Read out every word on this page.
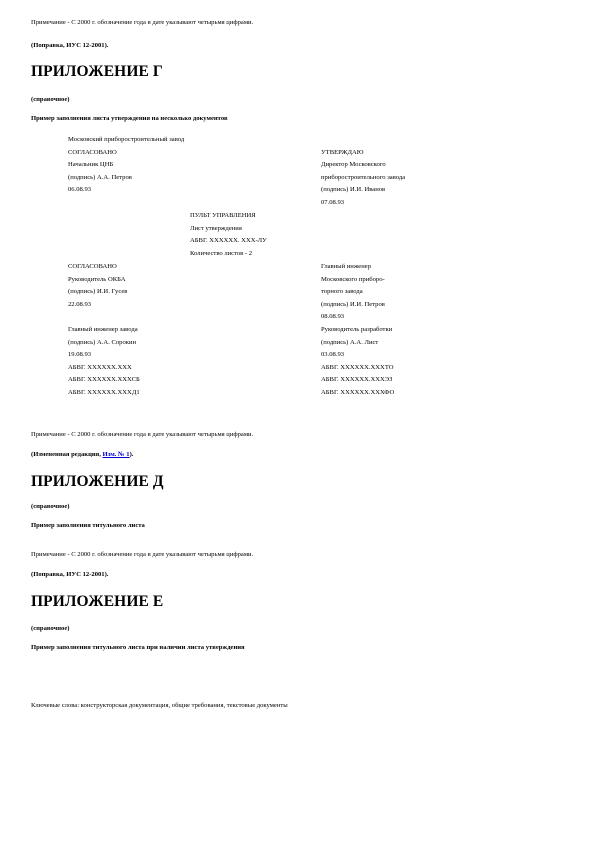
Примечание - С 2000 г. обозначение года в дате указывают четырьмя цифрами.
(Поправка, ИУС 12-2001).
ПРИЛОЖЕНИЕ Г
(справочное)
Пример заполнения листа утверждения на несколько документов
Московский приборостроительный завод
СОГЛАСОВАНО
Начальник ЦНБ
(подпись) А.А. Петров
06.08.93
УТВЕРЖДАЮ
Директор Московского
приборостроительного завода
(подпись) И.И. Иванов
07.08.93
ПУЛЬТ УПРАВЛЕНИЯ
Лист утверждения
АБВГ. ХХХХХХ. ХХХ-ЛУ
Количество листов - 2
СОГЛАСОВАНО
Руководитель ОКБА
(подпись) И.И. Гусев
22.08.93
Главный инженер
Московского приборо-
торного завода
(подпись) И.И. Петров
08.08.93
Главный инженер завода
(подпись) А.А. Сорокин
19.08.93
АБВГ. ХХХХХХ.ХХХ
АБВГ. ХХХХХХ.ХХХСБ
АБВГ. ХХХХХХ.ХХХД1
Руководитель разработки
(подпись) А.А. Лист
03.08.93
АБВГ. ХХХХХХ.ХХХТО
АБВГ. ХХХХХХ.ХХХЭЗ
АБВГ. ХХХХХХ.ХХХФО
Примечание - С 2000 г. обозначение года в дате указывают четырьмя цифрами.
(Измененная редакция, Изм. № 1).
ПРИЛОЖЕНИЕ Д
(справочное)
Пример заполнения титульного листа
Примечание - С 2000 г. обозначение года в дате указывают четырьмя цифрами.
(Поправка, ИУС 12-2001).
ПРИЛОЖЕНИЕ Е
(справочное)
Пример заполнения титульного листа при наличии листа утверждения
Ключевые слова: конструкторская документация, общие требования, текстовые документы
